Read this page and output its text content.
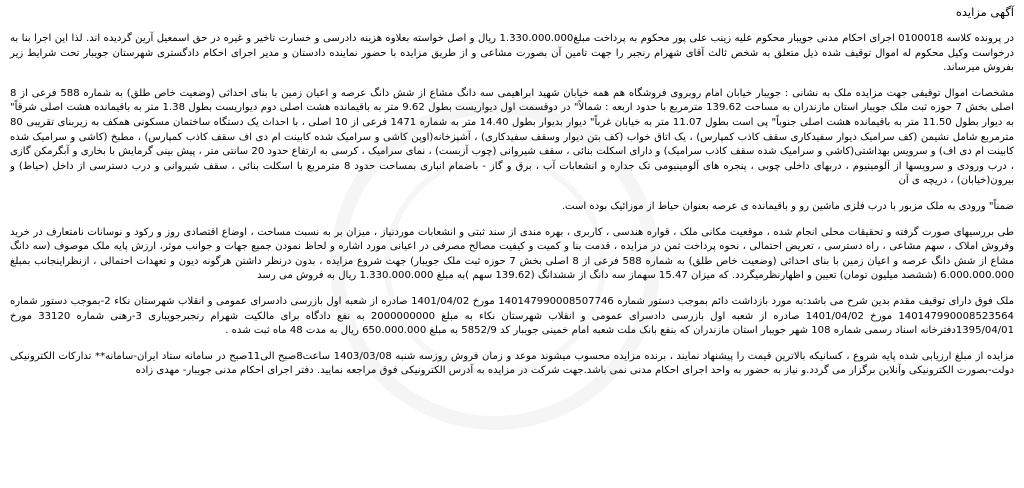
آگهی مزایده

در پرونده کلاسه 0100018 اجرای احکام مدنی جویبار محکوم علیه زینب علی پور محکوم به پرداخت مبلغ1.330.000.000 ریال و اصل خواسته بعلاوه هزینه دادرسی و خسارت تاخیر و غیره در حق اسمعیل آرین گردیده اند. لذا این اجرا بنا به درخواست وکیل محکوم له اموال توقیف شده ذیل متعلق به شخص ثالث آقای شهرام رنجبر را جهت تامین آن بصورت مشاعی و از طریق مزایده با حضور نماینده دادستان و مدیر اجرای احکام دادگستری شهرستان جویبار تحت شرایط زیر بفروش میرساند.

مشخصات اموال توقیفی جهت مزایده ملک به نشانی : جویبار خیابان امام روبروی فروشگاه هم همه خیابان شهید ابراهیمی سه دانگ مشاع از شش دانگ عرصه و اعیان زمین با بنای احداثی (وضعیت خاص طلق) به شماره 588 فرعی از 8 اصلی بخش 7 حوزه ثبت ملک جویبار استان مازندران به مساحت 139.62 مترمربع با حدود اربعه : شمالاً" در دوقسمت اول دیواریست بطول 9.62 متر به باقیمانده هشت اصلی دوم دیواریست بطول 1.38 متر به باقیمانده هشت اصلی شرقاً" به دیوار بطول 11.50 متر به باقیمانده هشت اصلی جنوباً" پی است بطول 11.07 متر به خیابان غرباً" دیوار بدیوار بطول 14.40 متر به شماره 1471 فرعی از 10 اصلی ، با احداث یک دستگاه ساختمان مسکونی همکف به زیربنای تقریبی 80 مترمربع شامل نشیمن (کف سرامیک دیوار سفیدکاری سقف کاذب کمپارس) ، یک اتاق خواب (کف بتن دیوار وسقف سفیدکاری) ، آشپزخانه(اوپن کاشی و سرامیک شده کابینت ام دی اف سقف کاذب کمپارس) ، مطبخ (کاشی و سرامیک شده کابینت ام دی اف) و سرویس بهداشتی(کاشی و سرامیک شده سقف کاذب سرامیک) و دارای اسکلت بنائی ، سقف شیروانی (چوب آزبست) ، نمای سرامیک ، کرسی به ارتفاع حدود 20 سانتی متر ، پیش بینی گرمایش با بخاری و آبگرمکن گازی ، درب ورودی و سرویسها از آلومینیوم ، دربهای داخلی چوبی ، پنجره های آلومینیومی تک جداره و انشعابات آب ، برق و گاز - باضمام انباری بمساحت حدود 8 مترمربع با اسکلت بنائی ، سقف شیروانی و درب دسترسی از داخل (حیاط) و بیرون(خیابان) ، دریچه ی آن

ضمناً" ورودی به ملک مزبور با درب فلزی ماشین رو و باقیمانده ی عرصه بعنوان حیاط از موزائیک بوده است.

طی بررسیهای صورت گرفته و تحقیقات محلی انجام شده ، موقعیت مکانی ملک ، قواره هندسی ، کاربری ، بهره مندی از سند ثبتی و انشعابات موردنیاز ، میزان بر به نسبت مساحت ، اوضاع اقتصادی روز و رکود و نوسانات نامتعارف در خرید وفروش املاک ، سهم مشاعی ، راه دسترسی ، تعریض احتمالی ، نحوه پرداخت ثمن در مزایده ، قدمت بنا و کمیت و کیفیت مصالح مصرفی در اعیانی مورد اشاره و لحاظ نمودن جمیع جهات و جوانب موثر، ارزش پایه ملک موصوف (سه دانگ مشاع از شش دانگ عرصه و اعیان زمین با بنای احداثی (وضعیت خاص طلق) به شماره 588 فرعی از 8 اصلی بخش 7 حوزه ثبت ملک جویبار) جهت شروع مزایده ، بدون درنظر داشتن هرگونه دیون و تعهدات احتمالی ، ازنظراینجانب بمبلغ 6.000.000.000 (ششصد میلیون تومان) تعیین و اظهارنظرمیگردد. که میزان 15.47 سهماز سه دانگ از ششدانگ (139.62 سهم )به مبلغ 1.330.000.000 ریال به فروش می رسد

ملک فوق دارای توقیف مقدم بدین شرح می باشد:به مورد بازداشت دائم بموجب دستور شماره 140147990008507746 مورخ 1401/04/02 صادره از شعبه اول بازرسی دادسرای عمومی و انقلاب شهرستان نکاء 2-بموجب دستور شماره 140147990008523564 مورخ 1401/04/02 صادره از شعبه اول بازرسی دادسرای عمومی و انقلاب شهرستان نکاء به مبلغ 2000000000 به نفع دادگاه برای مالکیت شهرام رنجبرجویباری 3-رهنی شماره 33120 مورخ 1395/04/01دفترخانه اسناد رسمی شماره 108 شهر جویبار استان مازندران که بنفع بانک ملت شعبه امام خمینی جویبار کد 5852/9 به مبلغ 650.000.000 ریال به مدت 48 ماه ثبت شده .

مزایده از مبلغ ارزیابی شده پایه شروع ، کسانیکه بالاترین قیمت را پیشنهاد نمایند ، برنده مزایده محسوب میشوند موعد و زمان فروش روزسه شنبه 1403/03/08 ساعت8صبح الی11صبح در سامانه ستاد ایران-سامانه** تدارکات الکترونیکی دولت-بصورت الکترونیکی وآنلاین برگزار می گردد.و نیاز به حضور به واحد اجرای احکام مدنی نمی باشد.جهت شرکت در مزایده به آدرس الکترونیکی فوق مراجعه نمایید. دفتر اجرای احکام مدنی جویبار- مهدی زاده
